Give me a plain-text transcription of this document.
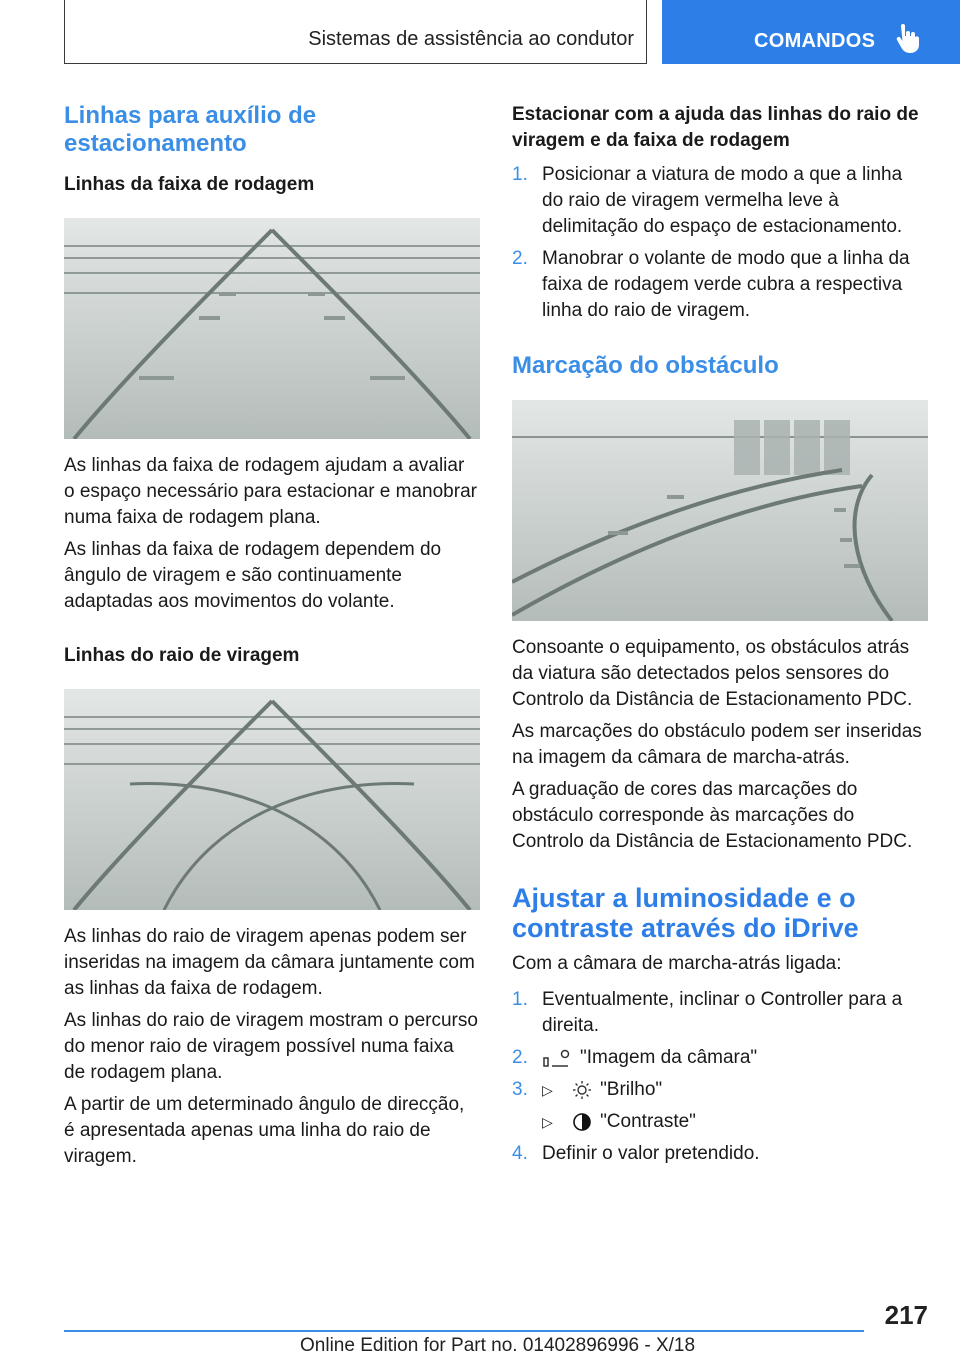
Sistemas de assistência ao condutor	COMANDOS
Linhas para auxílio de estacionamento
Linhas da faixa de rodagem

As linhas da faixa de rodagem ajudam a avaliar o espaço necessário para estacionar e manobrar numa faixa de rodagem plana.

As linhas da faixa de rodagem dependem do ângulo de viragem e são continuamente adaptadas aos movimentos do volante.

Linhas do raio de viragem

As linhas do raio de viragem apenas podem ser inseridas na imagem da câmara juntamente com as linhas da faixa de rodagem.

As linhas do raio de viragem mostram o percurso do menor raio de viragem possível numa faixa de rodagem plana.

A partir de um determinado ângulo de direcção, é apresentada apenas uma linha do raio de viragem.

Estacionar com a ajuda das linhas do raio de viragem e da faixa de rodagem
1. Posicionar a viatura de modo a que a linha do raio de viragem vermelha leve à delimitação do espaço de estacionamento.
2. Manobrar o volante de modo que a linha da faixa de rodagem verde cubra a respectiva linha do raio de viragem.
Marcação do obstáculo

Consoante o equipamento, os obstáculos atrás da viatura são detectados pelos sensores do Controlo da Distância de Estacionamento PDC.

As marcações do obstáculo podem ser inseridas na imagem da câmara de marcha-atrás.

A graduação de cores das marcações do obstáculo corresponde às marcações do Controlo da Distância de Estacionamento PDC.

Ajustar a luminosidade e o contraste através do iDrive

Com a câmara de marcha-atrás ligada:

1. Eventualmente, inclinar o Controller para a direita.
2.	"Imagem da câmara"
3. ▷ "Brilho"
▷ "Contraste"
4. Definir o valor pretendido.
217
Online Edition for Part no. 01402896996 - X/18
